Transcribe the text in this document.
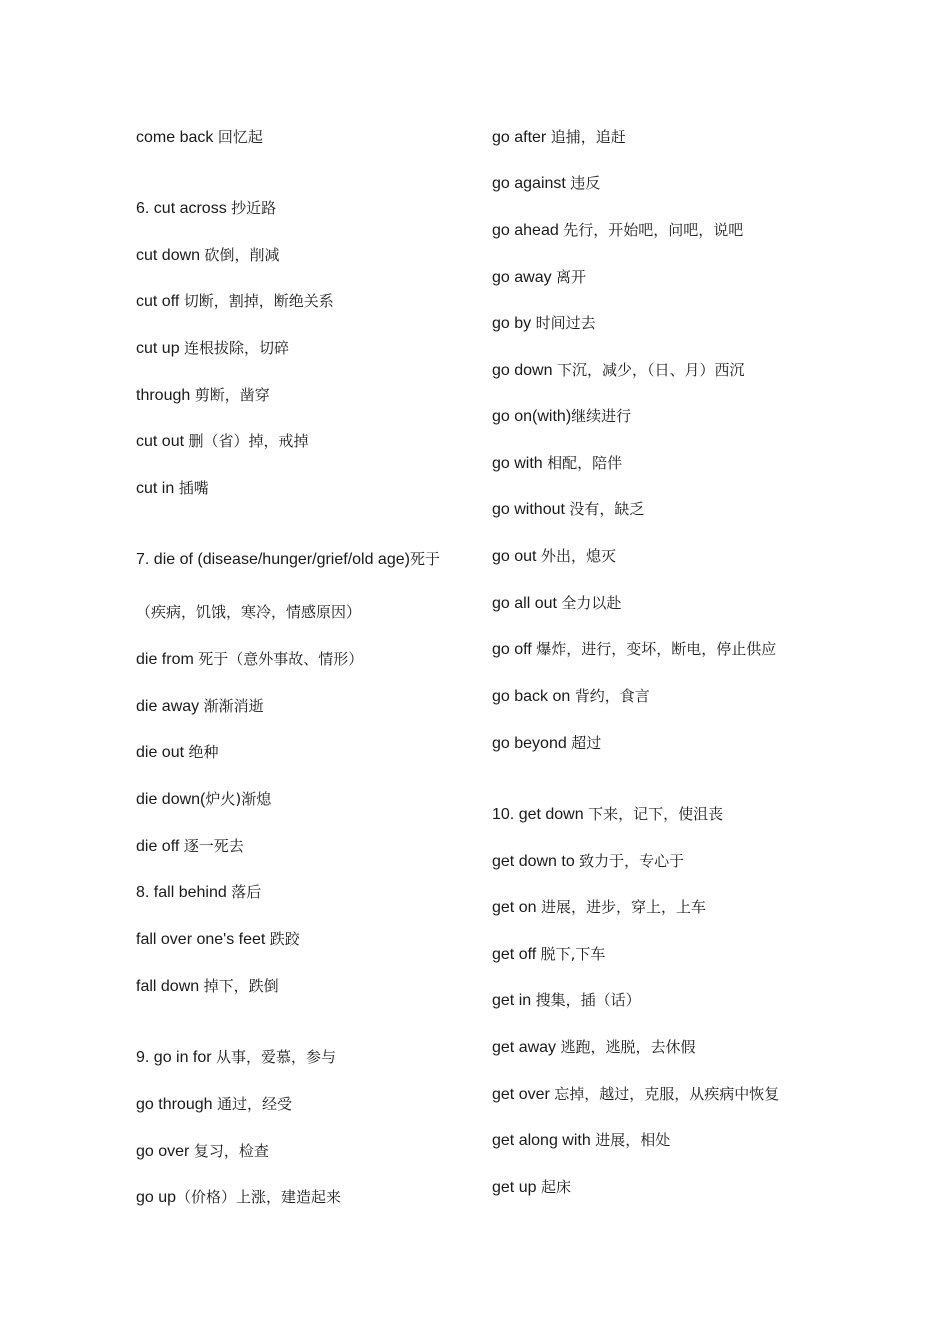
come back 回忆起
6. cut across 抄近路
cut down 砍倒，削减
cut off 切断，割掉，断绝关系
cut up 连根拔除，切碎
through 剪断，凿穿
cut out 删（省）掉，戒掉
cut in 插嘴
7. die of (disease/hunger/grief/old age)死于
（疾病，饥饿，寒冷，情感原因）
die from 死于（意外事故、情形）
die away 渐渐消逝
die out 绝种
die down(炉火)渐熄
die off 逐一死去
8. fall behind 落后
fall over one's feet 跌跤
fall down 掉下，跌倒
9. go in for 从事，爱慕，参与
go through 通过，经受
go over 复习，检查
go up（价格）上涨，建造起来
go after 追捕，追赶
go against 违反
go ahead 先行，开始吧，问吧，说吧
go away 离开
go by 时间过去
go down 下沉，减少，（日、月）西沉
go on(with)继续进行
go with 相配，陪伴
go without 没有，缺乏
go out 外出，熄灭
go all out 全力以赴
go off 爆炸，进行，变坏，断电，停止供应
go back on 背约，食言
go beyond 超过
10. get down 下来，记下，使沮丧
get down to 致力于，专心于
get on 进展，进步，穿上，上车
get off 脱下,下车
get in 搜集，插（话）
get away 逃跑，逃脱，去休假
get over 忘掉，越过，克服，从疾病中恢复
get along with 进展，相处
get up 起床
